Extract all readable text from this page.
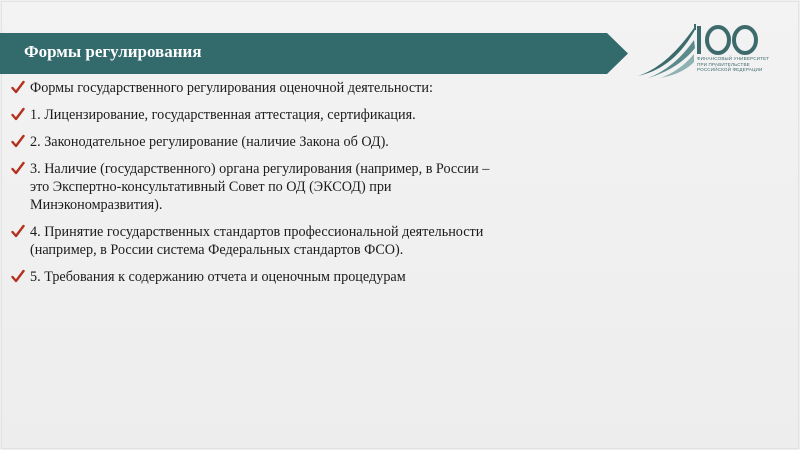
Формы регулирования	ФИНАНСОВЫЙ УНИВЕРСИТЕТ
ПРИ ПРАВИТЕЛЬСТВЕ
РОССИЙСКОЙ ФЕДЕРАЦИИ
Формы государственного регулирования оценочной деятельности:
1. Лицензирование, государственная аттестация, сертификация.
2. Законодательное регулирование (наличие Закона об ОД).
3. Наличие (государственного) органа регулирования (например, в России – это Экспертно-консультативный Совет по ОД (ЭКСОД) при Минэкономразвития).
4. Принятие государственных стандартов профессиональной деятельности (например, в России система Федеральных стандартов ФСО).
5. Требования к содержанию отчета и оценочным процедурам
